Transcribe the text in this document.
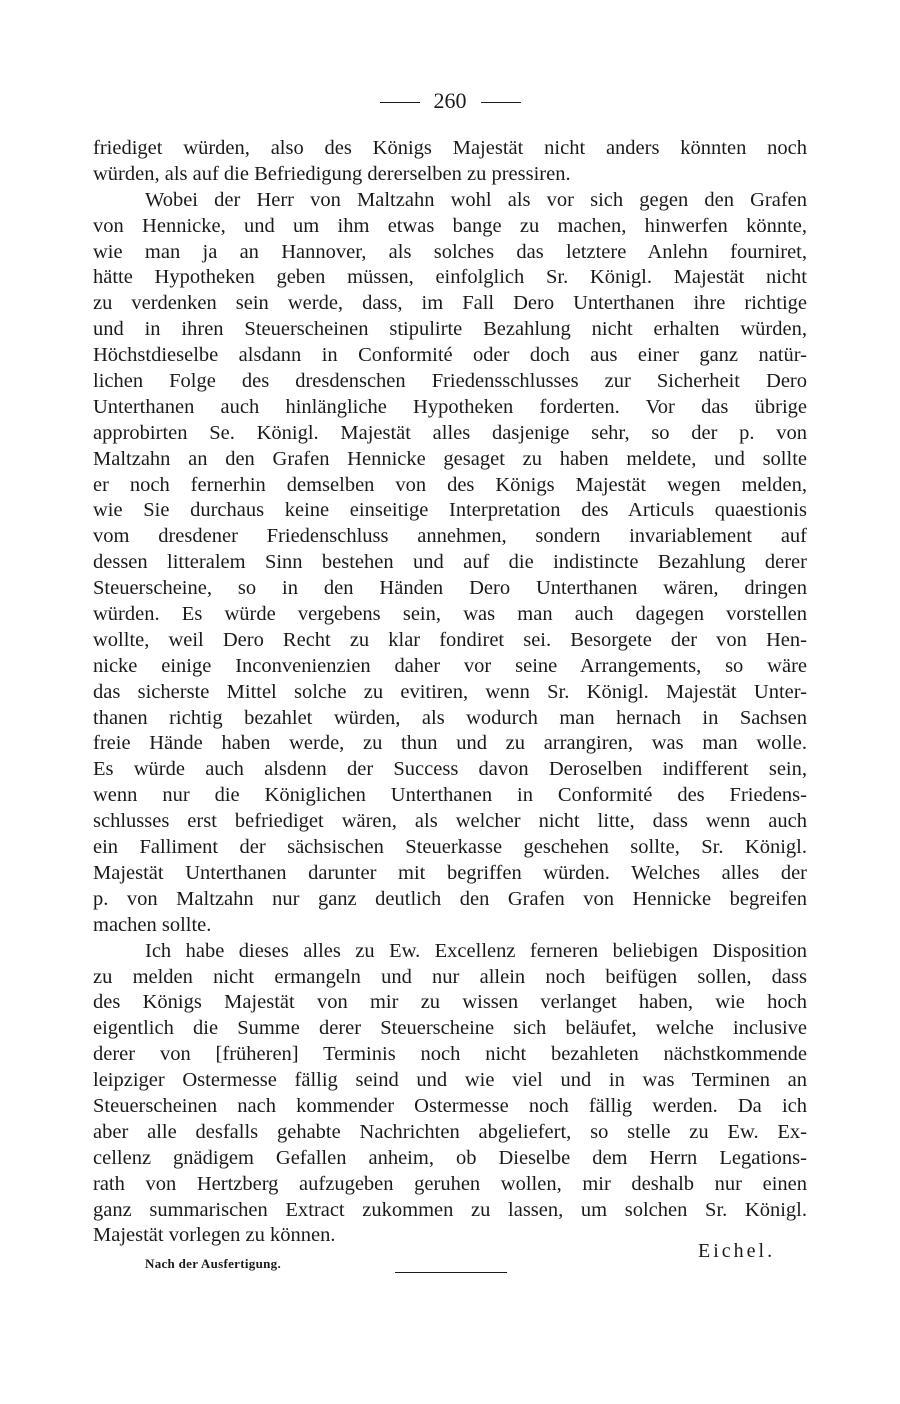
260
friediget würden, also des Königs Majestät nicht anders könnten noch
würden, als auf die Befriedigung dererselben zu pressiren.
Wobei der Herr von Maltzahn wohl als vor sich gegen den Grafen
von Hennicke, und um ihm etwas bange zu machen, hinwerfen könnte,
wie man ja an Hannover, als solches das letztere Anlehn fourniret,
hätte Hypotheken geben müssen, einfolglich Sr. Königl. Majestät nicht
zu verdenken sein werde, dass, im Fall Dero Unterthanen ihre richtige
und in ihren Steuerscheinen stipulirte Bezahlung nicht erhalten würden,
Höchstdieselbe alsdann in Conformité oder doch aus einer ganz natür-
lichen Folge des dresdenschen Friedensschlusses zur Sicherheit Dero
Unterthanen auch hinlängliche Hypotheken forderten. Vor das übrige
approbirten Se. Königl. Majestät alles dasjenige sehr, so der p. von
Maltzahn an den Grafen Hennicke gesaget zu haben meldete, und sollte
er noch fernerhin demselben von des Königs Majestät wegen melden,
wie Sie durchaus keine einseitige Interpretation des Articuls quaestionis
vom dresdener Friedenschluss annehmen, sondern invariablement auf
dessen litteralem Sinn bestehen und auf die indistincte Bezahlung derer
Steuerscheine, so in den Händen Dero Unterthanen wären, dringen
würden. Es würde vergebens sein, was man auch dagegen vorstellen
wollte, weil Dero Recht zu klar fondiret sei. Besorgete der von Hen-
nicke einige Inconvenienzien daher vor seine Arrangements, so wäre
das sicherste Mittel solche zu evitiren, wenn Sr. Königl. Majestät Unter-
thanen richtig bezahlet würden, als wodurch man hernach in Sachsen
freie Hände haben werde, zu thun und zu arrangiren, was man wolle.
Es würde auch alsdenn der Success davon Deroselben indifferent sein,
wenn nur die Königlichen Unterthanen in Conformité des Friedens-
schlusses erst befriediget wären, als welcher nicht litte, dass wenn auch
ein Falliment der sächsischen Steuerkasse geschehen sollte, Sr. Königl.
Majestät Unterthanen darunter mit begriffen würden. Welches alles der
p. von Maltzahn nur ganz deutlich den Grafen von Hennicke begreifen
machen sollte.
Ich habe dieses alles zu Ew. Excellenz ferneren beliebigen Disposition
zu melden nicht ermangeln und nur allein noch beifügen sollen, dass
des Königs Majestät von mir zu wissen verlanget haben, wie hoch
eigentlich die Summe derer Steuerscheine sich beläufet, welche inclusive
derer von [früheren] Terminis noch nicht bezahleten nächstkommende
leipziger Ostermesse fällig seind und wie viel und in was Terminen an
Steuerscheinen nach kommender Ostermesse noch fällig werden. Da ich
aber alle desfalls gehabte Nachrichten abgeliefert, so stelle zu Ew. Ex-
cellenz gnädigem Gefallen anheim, ob Dieselbe dem Herrn Legations-
rath von Hertzberg aufzugeben geruhen wollen, mir deshalb nur einen
ganz summarischen Extract zukommen zu lassen, um solchen Sr. Königl.
Majestät vorlegen zu können.
Eichel.
Nach der Ausfertigung.
